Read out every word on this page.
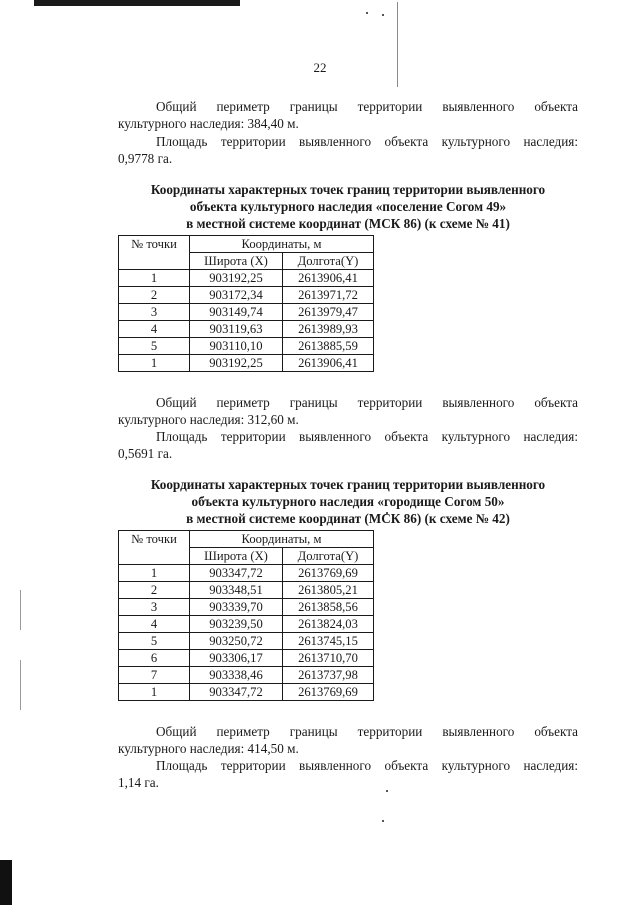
22
Общий периметр границы территории выявленного объекта
культурного наследия: 384,40 м.
Площадь территории выявленного объекта культурного наследия:
0,9778 га.
Координаты характерных точек границ территории выявленного
объекта культурного наследия «поселение Согом 49»
в местной системе координат (МСК 86) (к схеме № 41)
№ точки	Координаты, м	
	Широта (X)	Долгота(Y)
1	903192,25	2613906,41
2	903172,34	2613971,72
3	903149,74	2613979,47
4	903119,63	2613989,93
5	903110,10	2613885,59
1	903192,25	2613906,41
Общий периметр границы территории выявленного объекта
культурного наследия: 312,60 м.
Площадь территории выявленного объекта культурного наследия:
0,5691 га.
Координаты характерных точек границ территории выявленного
объекта культурного наследия «городище Согом 50»
в местной системе координат (МСК 86) (к схеме № 42)
№ точки	Координаты, м	
	Широта (X)	Долгота(Y)
1	903347,72	2613769,69
2	903348,51	2613805,21
3	903339,70	2613858,56
4	903239,50	2613824,03
5	903250,72	2613745,15
6	903306,17	2613710,70
7	903338,46	2613737,98
1	903347,72	2613769,69
Общий периметр границы территории выявленного объекта
культурного наследия: 414,50 м.
Площадь территории выявленного объекта культурного наследия:
1,14 га.
